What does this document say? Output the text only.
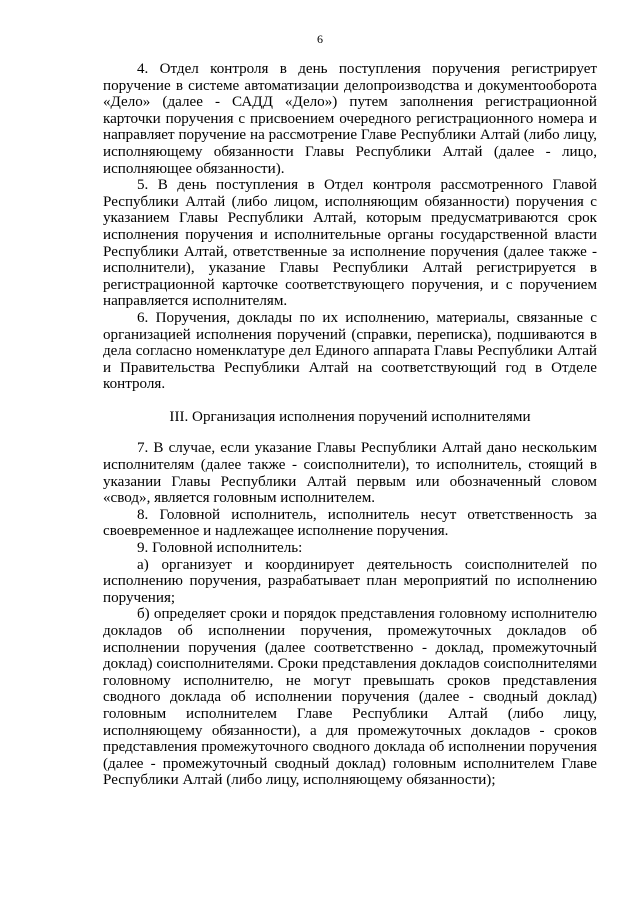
6

4. Отдел контроля в день поступления поручения регистрирует поручение в системе автоматизации делопроизводства и документооборота «Дело» (далее - САДД «Дело») путем заполнения регистрационной карточки поручения с присвоением очередного регистрационного номера и направляет поручение на рассмотрение Главе Республики Алтай (либо лицу, исполняющему обязанности Главы Республики Алтай (далее - лицо, исполняющее обязанности).

5. В день поступления в Отдел контроля рассмотренного Главой Республики Алтай (либо лицом, исполняющим обязанности) поручения с указанием Главы Республики Алтай, которым предусматриваются срок исполнения поручения и исполнительные органы государственной власти Республики Алтай, ответственные за исполнение поручения (далее также - исполнители), указание Главы Республики Алтай регистрируется в регистрационной карточке соответствующего поручения, и с поручением направляется исполнителям.

6. Поручения, доклады по их исполнению, материалы, связанные с организацией исполнения поручений (справки, переписка), подшиваются в дела согласно номенклатуре дел Единого аппарата Главы Республики Алтай и Правительства Республики Алтай на соответствующий год в Отделе контроля.

III. Организация исполнения поручений исполнителями

7. В случае, если указание Главы Республики Алтай дано нескольким исполнителям (далее также - соисполнители), то исполнитель, стоящий в указании Главы Республики Алтай первым или обозначенный словом «свод», является головным исполнителем.

8. Головной исполнитель, исполнитель несут ответственность за своевременное и надлежащее исполнение поручения.

9. Головной исполнитель:

а) организует и координирует деятельность соисполнителей по исполнению поручения, разрабатывает план мероприятий по исполнению поручения;

б) определяет сроки и порядок представления головному исполнителю докладов об исполнении поручения, промежуточных докладов об исполнении поручения (далее соответственно - доклад, промежуточный доклад) соисполнителями. Сроки представления докладов соисполнителями головному исполнителю, не могут превышать сроков представления сводного доклада об исполнении поручения (далее - сводный доклад) головным исполнителем Главе Республики Алтай (либо лицу, исполняющему обязанности), а для промежуточных докладов - сроков представления промежуточного сводного доклада об исполнении поручения (далее - промежуточный сводный доклад) головным исполнителем Главе Республики Алтай (либо лицу, исполняющему обязанности);
